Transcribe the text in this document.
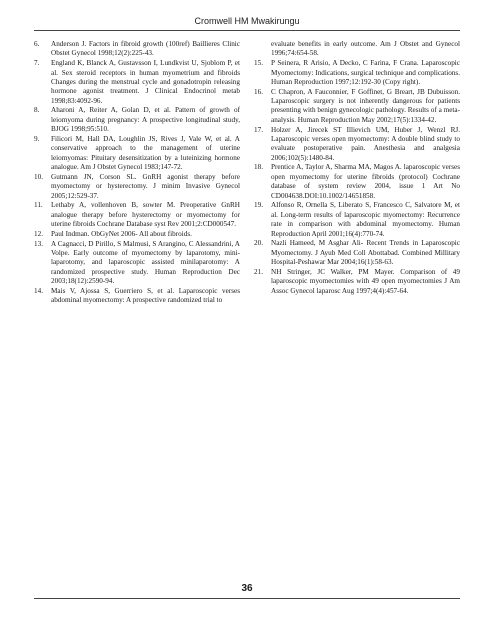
Cromwell HM Mwakirungu
6. Anderson J. Factors in fibroid growth (100ref) Baillieres Clinic Obstet Gynecol 1998;12(2):225-43.
7. England K, Blanck A, Gustavsson I, Lundkvist U, Sjoblom P, et al. Sex steroid receptors in human myometrium and fibroids Changes during the menstrual cycle and gonadotropin releasing hormone agonist treatment. J Clinical Endocrinol metab 1998;83:4092-96.
8. Aharoni A, Reiter A, Golan D, et al. Pattern of growth of leiomyoma during pregnancy: A prospective longitudinal study, BJOG 1998;95:510.
9. Filicori M, Hall DA, Loughlin JS, Rives J, Vale W, et al. A conservative approach to the management of uterine leiomyomas: Pituitary desensitization by a luteinizing hormone analogue. Am J Obstet Gynecol 1983;147-72.
10. Gutmann JN, Corson SL. GnRH agonist therapy before myomectomy or hysterectomy. J minim Invasive Gynecol 2005;12:529-37.
11. Lethaby A, vollenhoven B, sowter M. Preoperative GnRH analogue therapy before hysterectomy or myomectomy for uterine fibroids Cochrane Database syst Rev 2001;2:CD000547.
12. Paul Indman. ObGyNet 2006- All about fibroids.
13. A Cagnacci, D Pirillo, S Malmusi, S Arangino, C Alessandrini, A Volpe. Early outcome of myomectomy by laparotomy, mini-laparotomy, and laparoscopic assisted minilaparotomy: A randomized prospective study. Human Reproduction Dec 2003;18(12):2590-94.
14. Mais V, Ajossa S, Guerriero S, et al. Laparoscopic verses abdominal myomectomy: A prospective randomized trial to
evaluate benefits in early outcome. Am J Obstet and Gynecol 1996;74:654-58.
15. P Seinera, R Arisio, A Decko, C Farina, F Crana. Laparoscopic Myomectomy: Indications, surgical technique and complications. Human Reproduction 1997;12:192-30 (Copy right).
16. C Chapron, A Fauconnier, F Goffinet, G Breart, JB Dubuisson. Laparoscopic surgery is not inherently dangerous for patients presenting with benign gynecologic pathology. Results of a meta-analysis. Human Reproduction May 2002;17(5):1334-42.
17. Holzer A, Jirecek ST Illievich UM, Huber J, Wenzl RJ. Laparoscopic verses open myomectomy: A double blind study to evaluate postoperative pain. Anesthesia and analgesia 2006;102(5):1480-84.
18. Prentice A, Taylor A, Sharma MA, Magos A. laparoscopic verses open myomectomy for uterine fibroids (protocol) Cochrane database of system review 2004, issue 1 Art No CD004638.DOI:10.1002/14651858.
19. Alfonso R, Ornella S, Liberato S, Francesco C, Salvatore M, et al. Long-term results of laparoscopic myomectomy: Recurrence rate in comparison with abdominal myomectomy. Human Reproduction April 2001;16(4):770-74.
20. Nazli Hameed, M Asghar Ali- Recent Trends in Laparoscopic Myomectomy. J Ayub Med Coll Abottabad. Combined Millitary Hospital-Peshawar Mar 2004;16(1):58-63.
21. NH Stringer, JC Walker, PM Mayer. Comparison of 49 laparoscopic myomectomies with 49 open myomectomies J Am Assoc Gynecol laparosc Aug 1997;4(4):457-64.
36
